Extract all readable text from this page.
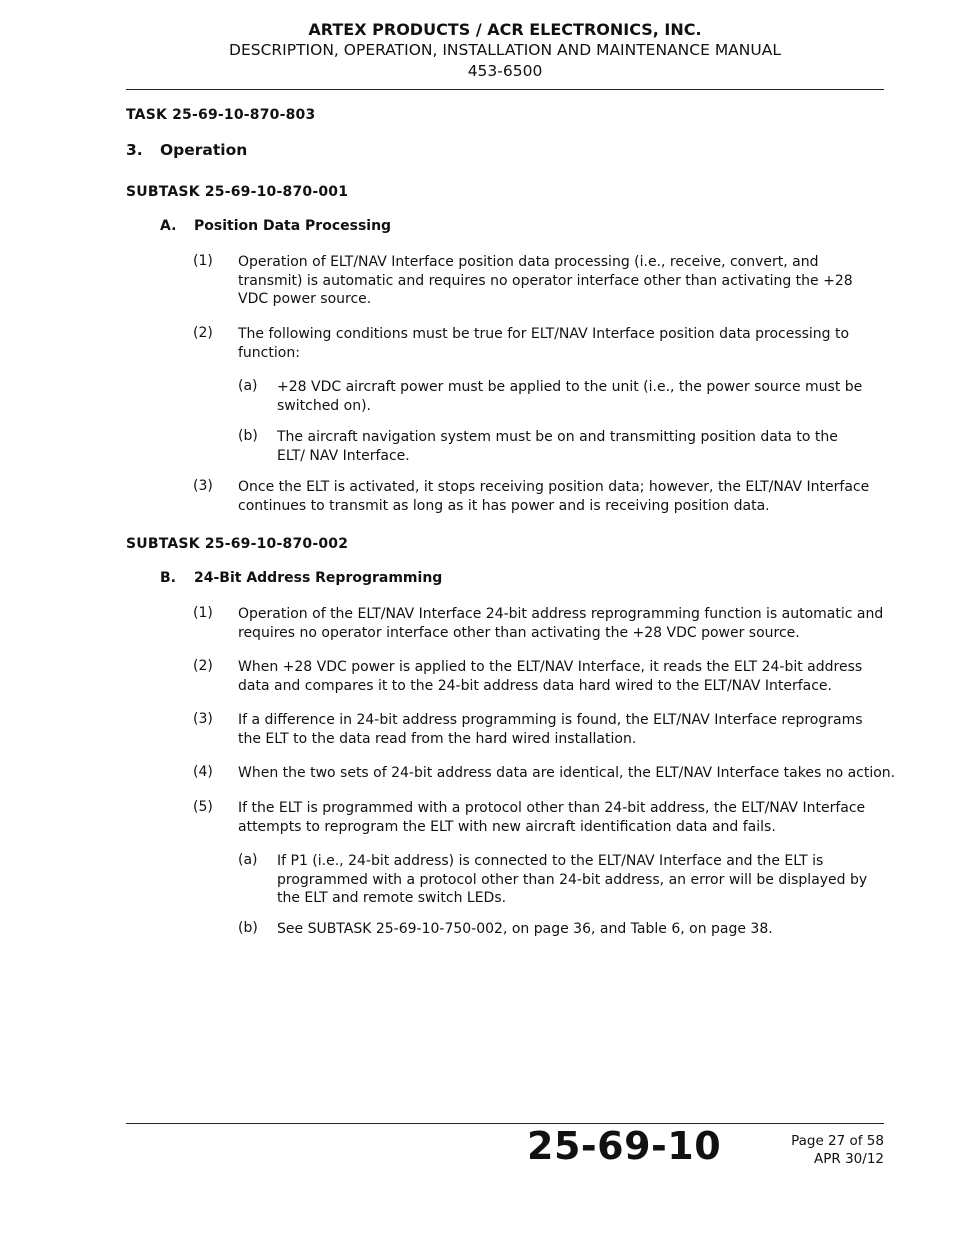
ARTEX PRODUCTS / ACR ELECTRONICS, INC.
DESCRIPTION, OPERATION, INSTALLATION AND MAINTENANCE MANUAL
453-6500
TASK 25-69-10-870-803
3. Operation
SUBTASK 25-69-10-870-001
A. Position Data Processing
(1) Operation of ELT/NAV Interface position data processing (i.e., receive, convert, and transmit) is automatic and requires no operator interface other than activating the +28 VDC power source.
(2) The following conditions must be true for ELT/NAV Interface position data processing to function:
(a) +28 VDC aircraft power must be applied to the unit (i.e., the power source must be switched on).
(b) The aircraft navigation system must be on and transmitting position data to the ELT/ NAV Interface.
(3) Once the ELT is activated, it stops receiving position data; however, the ELT/NAV Interface continues to transmit as long as it has power and is receiving position data.
SUBTASK 25-69-10-870-002
B. 24-Bit Address Reprogramming
(1) Operation of the ELT/NAV Interface 24-bit address reprogramming function is automatic and requires no operator interface other than activating the +28 VDC power source.
(2) When +28 VDC power is applied to the ELT/NAV Interface, it reads the ELT 24-bit address data and compares it to the 24-bit address data hard wired to the ELT/NAV Interface.
(3) If a difference in 24-bit address programming is found, the ELT/NAV Interface reprograms the ELT to the data read from the hard wired installation.
(4) When the two sets of 24-bit address data are identical, the ELT/NAV Interface takes no action.
(5) If the ELT is programmed with a protocol other than 24-bit address, the ELT/NAV Interface attempts to reprogram the ELT with new aircraft identification data and fails.
(a) If P1 (i.e., 24-bit address) is connected to the ELT/NAV Interface and the ELT is programmed with a protocol other than 24-bit address, an error will be displayed by the ELT and remote switch LEDs.
(b) See SUBTASK 25-69-10-750-002, on page 36, and Table 6, on page 38.
25-69-10	Page 27 of 58
APR 30/12
